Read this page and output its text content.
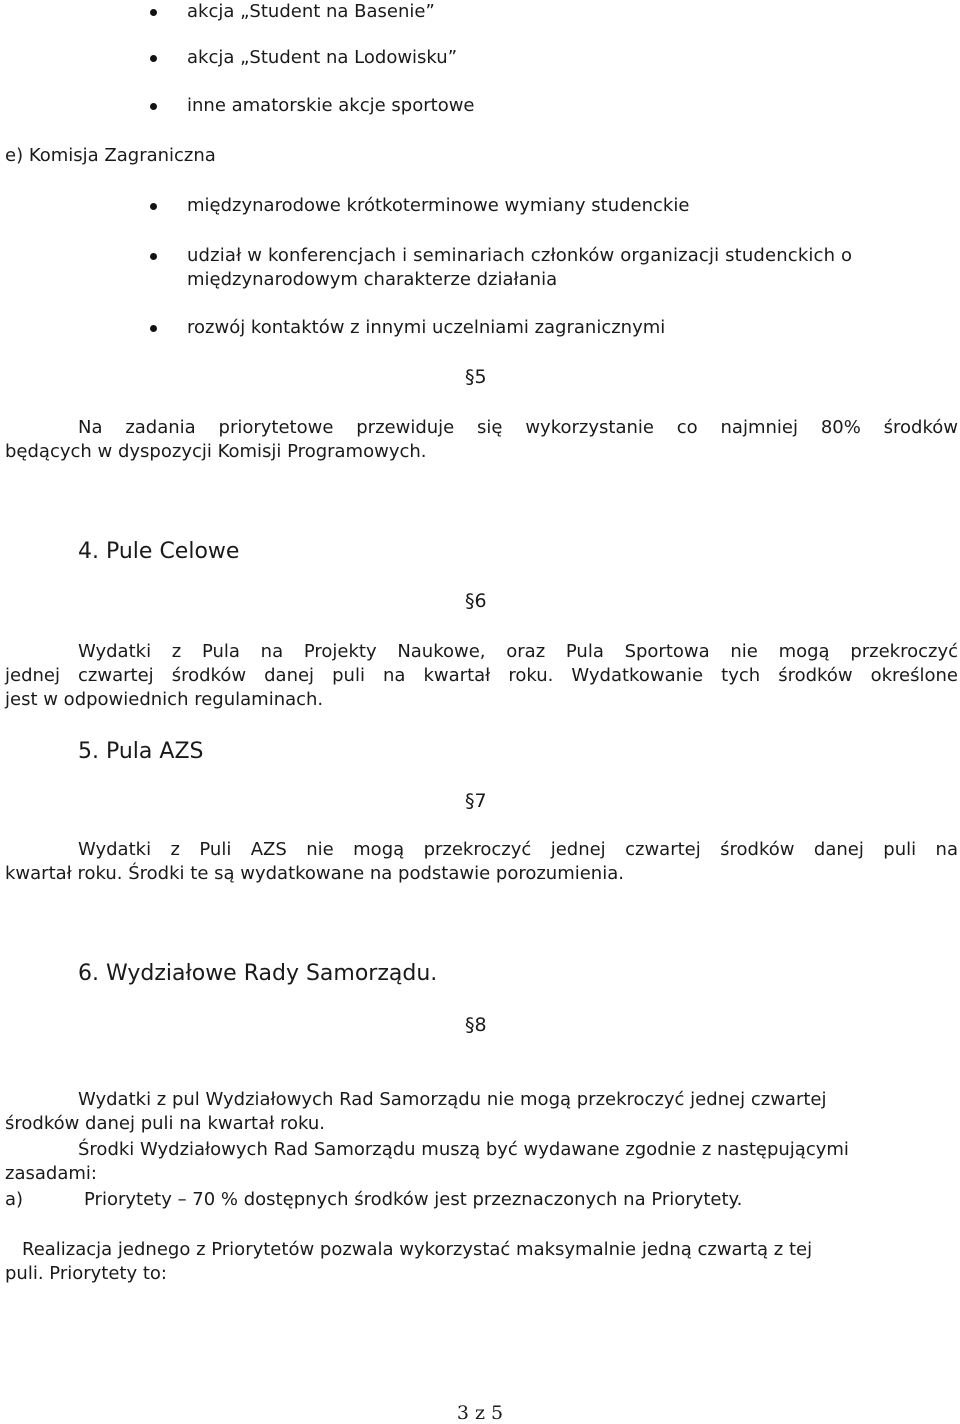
akcja „Student na Basenie”
akcja „Student na Lodowisku”
inne amatorskie akcje sportowe
e) Komisja Zagraniczna
międzynarodowe krótkoterminowe wymiany studenckie
udział w konferencjach i seminariach członków organizacji studenckich o
międzynarodowym charakterze działania
rozwój kontaktów z innymi uczelniami zagranicznymi
§5
Na zadania priorytetowe przewiduje się wykorzystanie co najmniej 80% środków
będących w dyspozycji Komisji Programowych.
4. Pule Celowe
§6
Wydatki z Pula na Projekty Naukowe, oraz Pula Sportowa nie mogą przekroczyć
jednej czwartej środków danej puli na kwartał roku. Wydatkowanie tych środków określone
jest w odpowiednich regulaminach.
5. Pula AZS
§7
Wydatki z Puli AZS nie mogą przekroczyć jednej czwartej środków danej puli na
kwartał roku. Środki te są wydatkowane na podstawie porozumienia.
6. Wydziałowe Rady Samorządu.
§8
Wydatki z pul Wydziałowych Rad Samorządu nie mogą przekroczyć jednej czwartej
środków danej puli na kwartał roku.
Środki Wydziałowych Rad Samorządu muszą być wydawane zgodnie z następującymi
zasadami:
a)	Priorytety – 70 % dostępnych środków jest przeznaczonych na Priorytety.
Realizacja jednego z Priorytetów pozwala wykorzystać maksymalnie jedną czwartą z tej
puli. Priorytety to:
3 z 5
